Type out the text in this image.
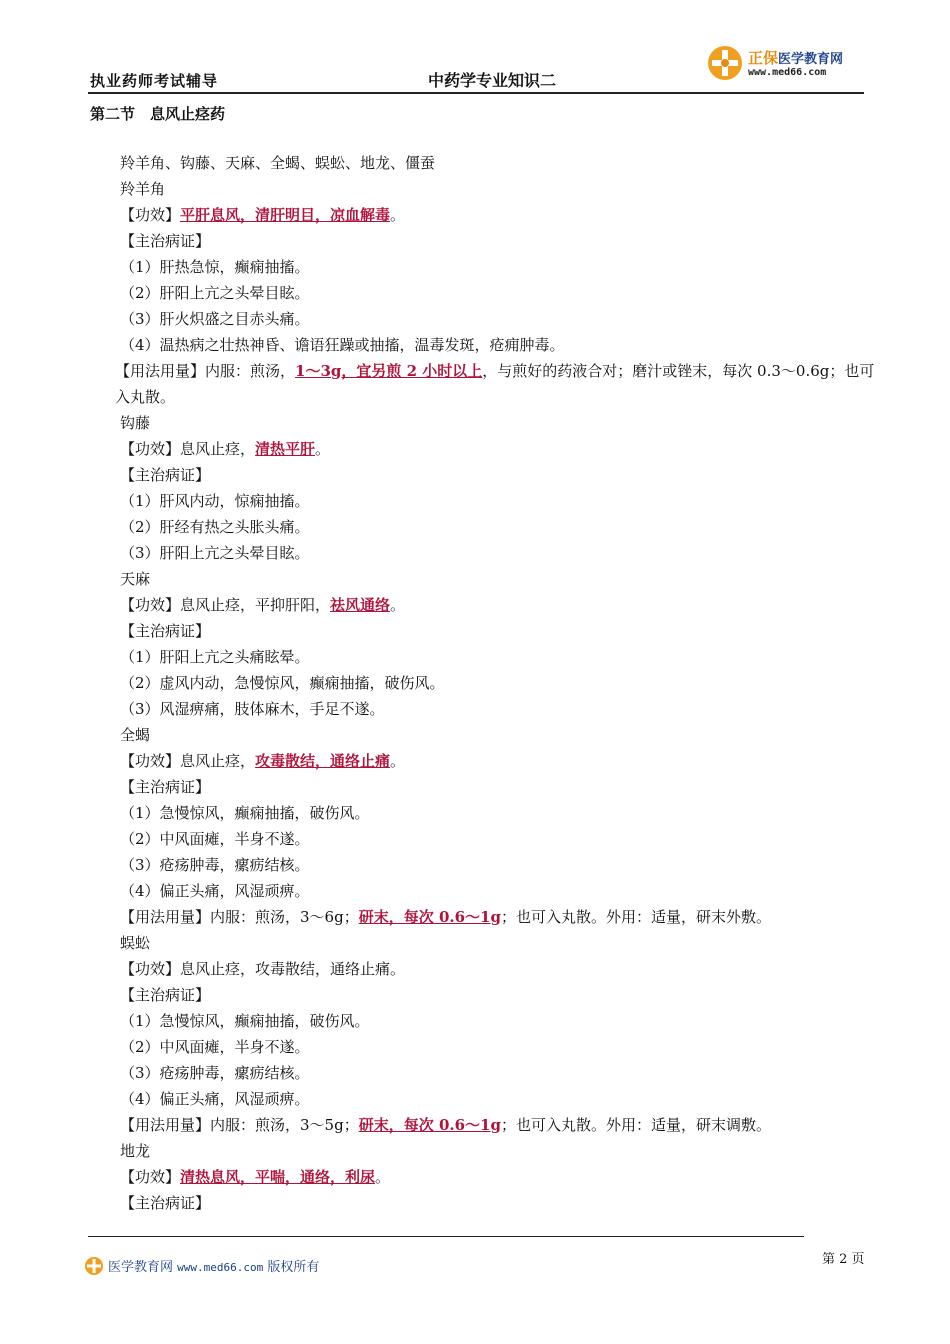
执业药师考试辅导	中药学专业知识二
正保医学教育网
www.med66.com
第二节　息风止痉药
羚羊角、钩藤、天麻、全蝎、蜈蚣、地龙、僵蚕
羚羊角
【功效】平肝息风，清肝明目，凉血解毒。
【主治病证】
（1）肝热急惊，癫痫抽搐。
（2）肝阳上亢之头晕目眩。
（3）肝火炽盛之目赤头痛。
（4）温热病之壮热神昏、谵语狂躁或抽搐，温毒发斑，疮痈肿毒。
【用法用量】内服：煎汤，1～3g，宜另煎 2 小时以上，与煎好的药液合对；磨汁或锉末，每次 0.3～0.6g；也可入丸散。
钩藤
【功效】息风止痉，清热平肝。
【主治病证】
（1）肝风内动，惊痫抽搐。
（2）肝经有热之头胀头痛。
（3）肝阳上亢之头晕目眩。
天麻
【功效】息风止痉，平抑肝阳，祛风通络。
【主治病证】
（1）肝阳上亢之头痛眩晕。
（2）虚风内动，急慢惊风，癫痫抽搐，破伤风。
（3）风湿痹痛，肢体麻木，手足不遂。
全蝎
【功效】息风止痉，攻毒散结，通络止痛。
【主治病证】
（1）急慢惊风，癫痫抽搐，破伤风。
（2）中风面瘫，半身不遂。
（3）疮疡肿毒，瘰疬结核。
（4）偏正头痛，风湿顽痹。
【用法用量】内服：煎汤，3～6g；研末，每次 0.6～1g；也可入丸散。外用：适量，研末外敷。
蜈蚣
【功效】息风止痉，攻毒散结，通络止痛。
【主治病证】
（1）急慢惊风，癫痫抽搐，破伤风。
（2）中风面瘫，半身不遂。
（3）疮疡肿毒，瘰疬结核。
（4）偏正头痛，风湿顽痹。
【用法用量】内服：煎汤，3～5g；研末，每次 0.6～1g；也可入丸散。外用：适量，研末调敷。
地龙
【功效】清热息风，平喘，通络，利尿。
【主治病证】
第 2 页
医学教育网 www.med66.com 版权所有
